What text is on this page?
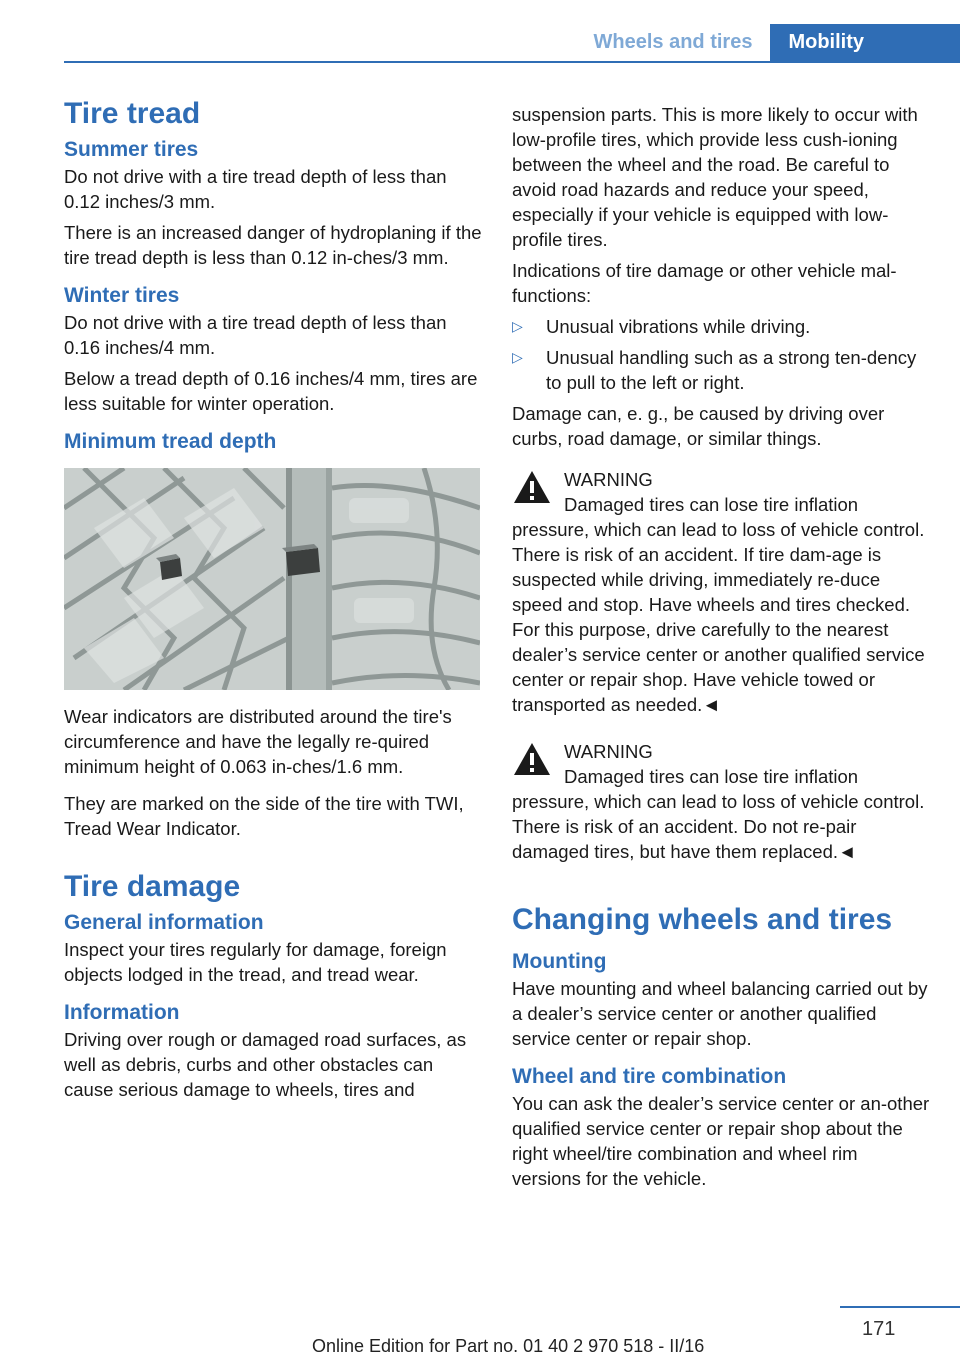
Wheels and tires	Mobility
Tire tread
Summer tires

Do not drive with a tire tread depth of less than 0.12 inches/3 mm.

There is an increased danger of hydroplaning if the tire tread depth is less than 0.12 in-ches/3 mm.

Winter tires

Do not drive with a tire tread depth of less than 0.16 inches/4 mm.

Below a tread depth of 0.16 inches/4 mm, tires are less suitable for winter operation.

Minimum tread depth

Wear indicators are distributed around the tire's circumference and have the legally re-quired minimum height of 0.063 in-ches/1.6 mm.

They are marked on the side of the tire with TWI, Tread Wear Indicator.

Tire damage
General information

Inspect your tires regularly for damage, foreign objects lodged in the tread, and tread wear.

Information

Driving over rough or damaged road surfaces, as well as debris, curbs and other obstacles can cause serious damage to wheels, tires and

suspension parts. This is more likely to occur with low-profile tires, which provide less cush-ioning between the wheel and the road. Be careful to avoid road hazards and reduce your speed, especially if your vehicle is equipped with low-profile tires.

Indications of tire damage or other vehicle mal-functions:

▷ Unusual vibrations while driving.
▷ Unusual handling such as a strong ten-dency to pull to the left or right.

Damage can, e. g., be caused by driving over curbs, road damage, or similar things.

WARNING

Damaged tires can lose tire inflation pressure, which can lead to loss of vehicle control. There is risk of an accident. If tire dam-age is suspected while driving, immediately re-duce speed and stop. Have wheels and tires checked. For this purpose, drive carefully to the nearest dealer’s service center or another qualified service center or repair shop. Have vehicle towed or transported as needed.◄

WARNING

Damaged tires can lose tire inflation pressure, which can lead to loss of vehicle control. There is risk of an accident. Do not re-pair damaged tires, but have them replaced.◄

Changing wheels and tires
Mounting

Have mounting and wheel balancing carried out by a dealer’s service center or another qualified service center or repair shop.

Wheel and tire combination

You can ask the dealer’s service center or an-other qualified service center or repair shop about the right wheel/tire combination and wheel rim versions for the vehicle.

171
Online Edition for Part no. 01 40 2 970 518 - II/16
